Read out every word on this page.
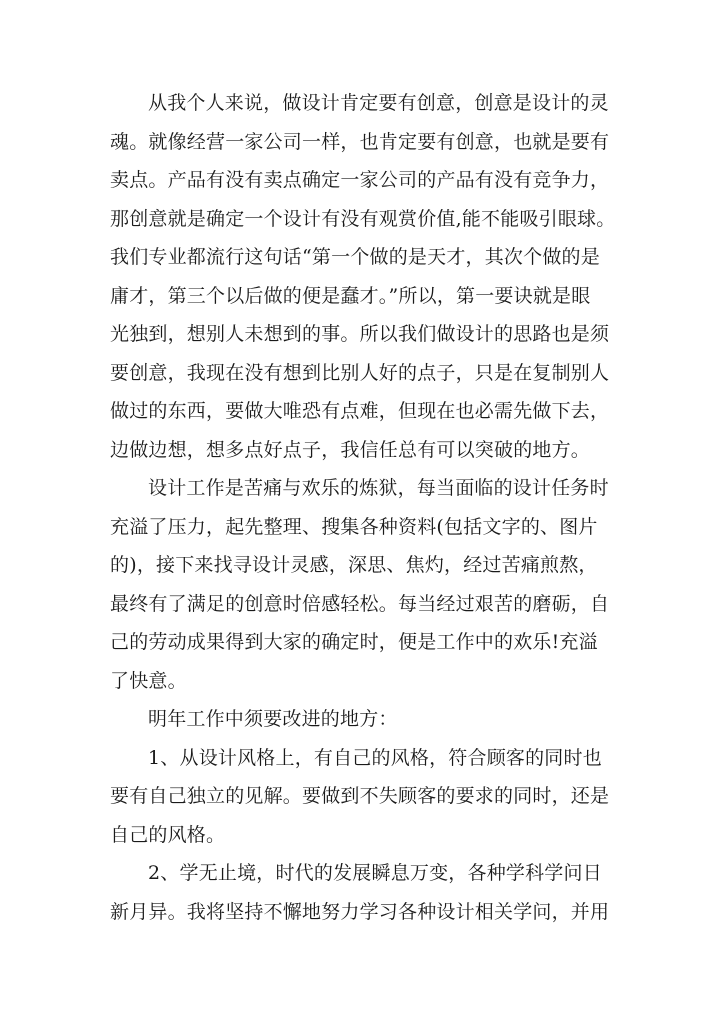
从我个人来说，做设计肯定要有创意，创意是设计的灵
魂。就像经营一家公司一样，也肯定要有创意，也就是要有
卖点。产品有没有卖点确定一家公司的产品有没有竞争力，
那创意就是确定一个设计有没有观赏价值,能不能吸引眼球。
我们专业都流行这句话“第一个做的是天才，其次个做的是
庸才，第三个以后做的便是蠢才。”所以，第一要诀就是眼
光独到，想别人未想到的事。所以我们做设计的思路也是须
要创意，我现在没有想到比别人好的点子，只是在复制别人
做过的东西，要做大唯恐有点难，但现在也必需先做下去，
边做边想，想多点好点子，我信任总有可以突破的地方。
设计工作是苦痛与欢乐的炼狱，每当面临的设计任务时
充溢了压力，起先整理、搜集各种资料(包括文字的、图片
的)，接下来找寻设计灵感，深思、焦灼，经过苦痛煎熬，
最终有了满足的创意时倍感轻松。每当经过艰苦的磨砺，自
己的劳动成果得到大家的确定时，便是工作中的欢乐!充溢
了快意。
明年工作中须要改进的地方：
1、从设计风格上，有自己的风格，符合顾客的同时也
要有自己独立的见解。要做到不失顾客的要求的同时，还是
自己的风格。
2、学无止境，时代的发展瞬息万变，各种学科学问日
新月异。我将坚持不懈地努力学习各种设计相关学问，并用
